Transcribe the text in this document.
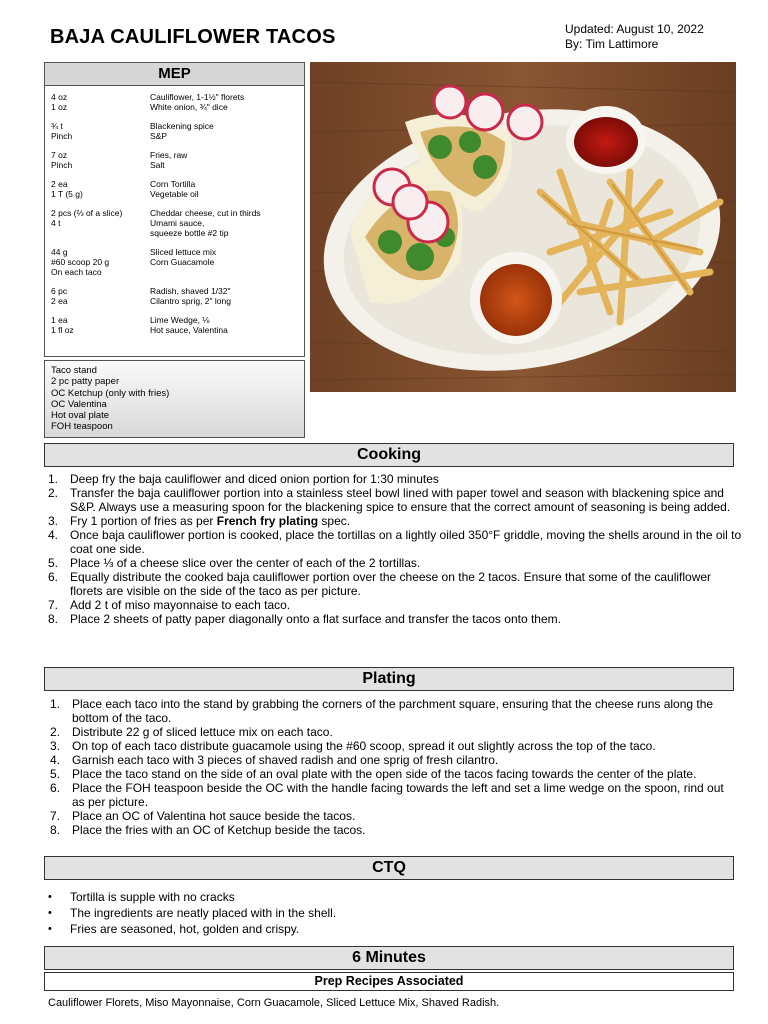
BAJA CAULIFLOWER TACOS	Updated: August 10, 2022
By: Tim Lattimore
MEP
4 oz	Cauliflower, 1-1½" florets
1 oz	White onion, ¾" dice
¾ t	Blackening spice
Pinch	S&P
7 oz	Fries, raw
Pinch	Salt
2 ea	Corn Tortilla
1 T (5 g)	Vegetable oil
2 pcs (⅔ of a slice)	Cheddar cheese, cut in thirds
4 t	Umami sauce,
squeeze bottle #2 tip
44 g	Sliced lettuce mix
#60 scoop 20 g	Corn Guacamole
On each taco
6 pc	Radish, shaved 1/32"
2 ea	Cilantro sprig, 2" long
1 ea	Lime Wedge, ⅛
1 fl oz	Hot sauce, Valentina
Taco stand
2 pc patty paper
OC Ketchup (only with fries)
OC Valentina
Hot oval plate
FOH teaspoon
Cooking
1. Deep fry the baja cauliflower and diced onion portion for 1:30 minutes
2. Transfer the baja cauliflower portion into a stainless steel bowl lined with paper towel and season with blackening spice and S&P. Always use a measuring spoon for the blackening spice to ensure that the correct amount of seasoning is being added.
3. Fry 1 portion of fries as per French fry plating spec.
4. Once baja cauliflower portion is cooked, place the tortillas on a lightly oiled 350°F griddle, moving the shells around in the oil to coat one side.
5. Place ⅓ of a cheese slice over the center of each of the 2 tortillas.
6. Equally distribute the cooked baja cauliflower portion over the cheese on the 2 tacos. Ensure that some of the cauliflower florets are visible on the side of the taco as per picture.
7. Add 2 t of miso mayonnaise to each taco.
8. Place 2 sheets of patty paper diagonally onto a flat surface and transfer the tacos onto them.
Plating
1. Place each taco into the stand by grabbing the corners of the parchment square, ensuring that the cheese runs along the bottom of the taco.
2. Distribute 22 g of sliced lettuce mix on each taco.
3. On top of each taco distribute guacamole using the #60 scoop, spread it out slightly across the top of the taco.
4. Garnish each taco with 3 pieces of shaved radish and one sprig of fresh cilantro.
5. Place the taco stand on the side of an oval plate with the open side of the tacos facing towards the center of the plate.
6. Place the FOH teaspoon beside the OC with the handle facing towards the left and set a lime wedge on the spoon, rind out as per picture.
7. Place an OC of Valentina hot sauce beside the tacos.
8. Place the fries with an OC of Ketchup beside the tacos.
CTQ
• Tortilla is supple with no cracks
• The ingredients are neatly placed with in the shell.
• Fries are seasoned, hot, golden and crispy.
6 Minutes
Prep Recipes Associated
Cauliflower Florets, Miso Mayonnaise, Corn Guacamole, Sliced Lettuce Mix, Shaved Radish.
